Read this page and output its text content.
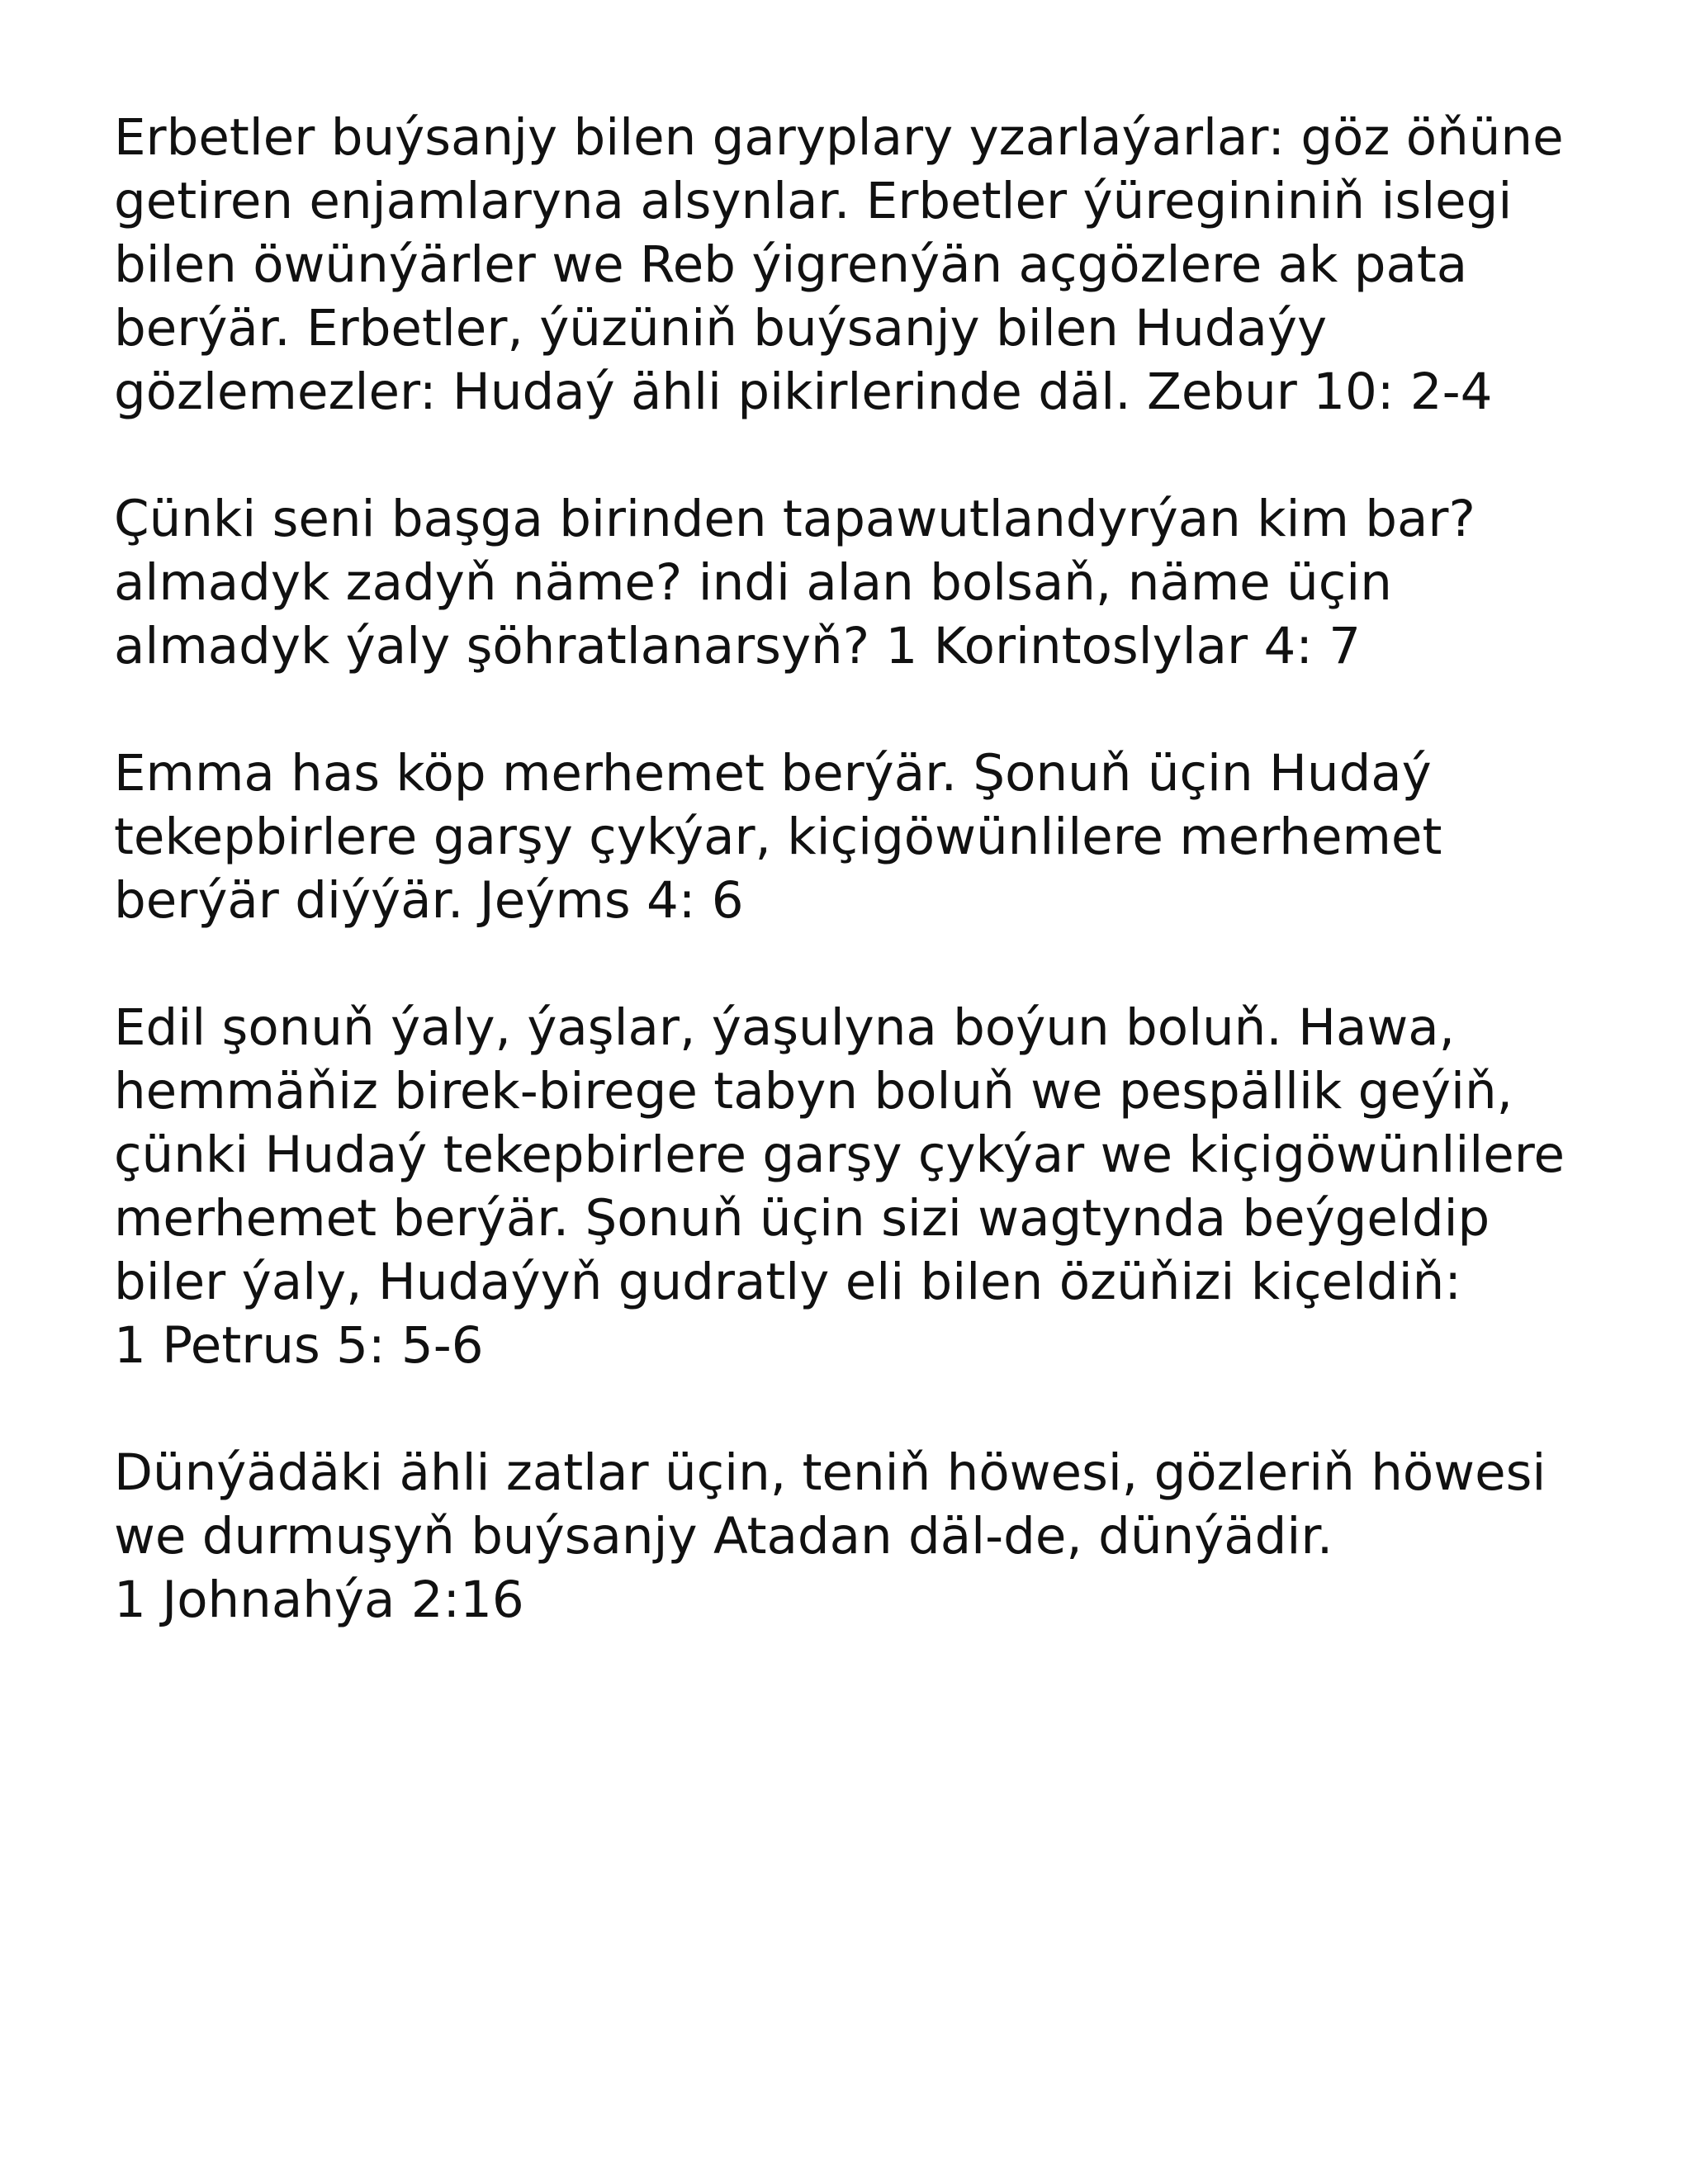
Erbetler buýsanjy bilen garyplary yzarlaýarlar: göz öňüne
getiren enjamlaryna alsynlar. Erbetler ýüregininiň islegi
bilen öwünýärler we Reb ýigrenýän açgözlere ak pata
berýär. Erbetler, ýüzüniň buýsanjy bilen Hudaýy
gözlemezler: Hudaý ähli pikirlerinde däl. Zebur 10: 2-4

Çünki seni başga birinden tapawutlandyrýan kim bar?
almadyk zadyň näme? indi alan bolsaň, näme üçin
almadyk ýaly şöhratlanarsyň? 1 Korintoslylar 4: 7

Emma has köp merhemet berýär. Şonuň üçin Hudaý
tekepbirlere garşy çykýar, kiçigöwünlilere merhemet
berýär diýýär. Jeýms 4: 6

Edil şonuň ýaly, ýaşlar, ýaşulyna boýun boluň. Hawa,
hemmäňiz birek-birege tabyn boluň we pespällik geýiň,
çünki Hudaý tekepbirlere garşy çykýar we kiçigöwünlilere
merhemet berýär. Şonuň üçin sizi wagtynda beýgeldip
biler ýaly, Hudaýyň gudratly eli bilen özüňizi kiçeldiň:
1 Petrus 5: 5-6

Dünýädäki ähli zatlar üçin, teniň höwesi, gözleriň höwesi
we durmuşyň buýsanjy Atadan däl-de, dünýädir.
1 Johnahýa 2:16
